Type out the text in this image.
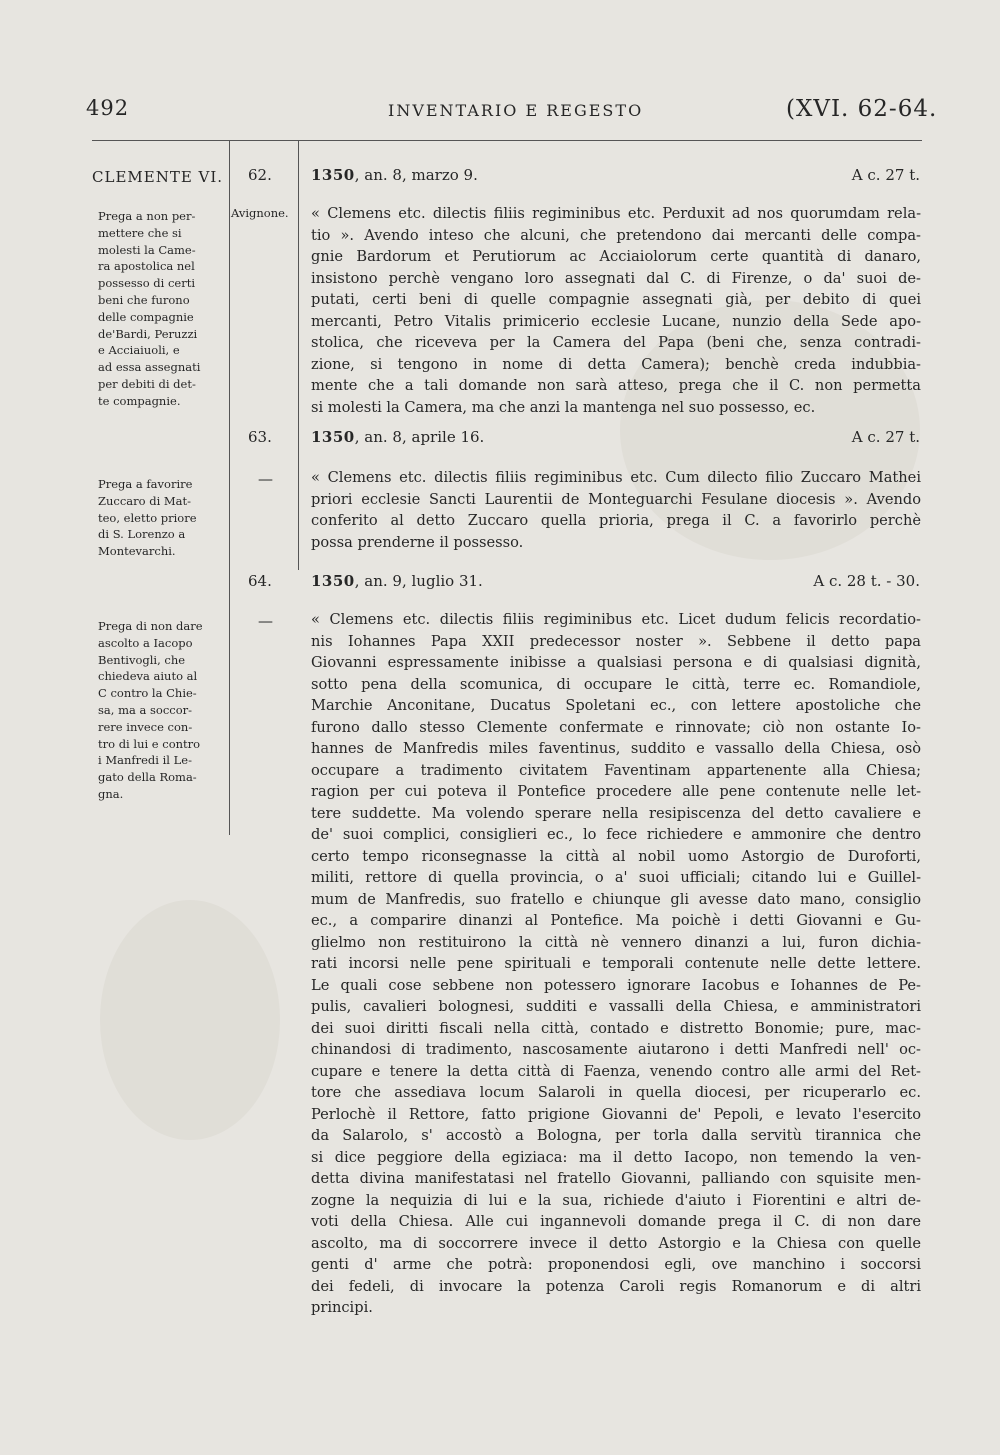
492	INVENTARIO E REGESTO	(XVI. 62-64.
CLEMENTE VI.
Avignone.
62.	1350, an. 8, marzo 9.	A c. 27 t.
Prega a non per-
mettere che si
molesti la Came-
ra apostolica nel
possesso di certi
beni che furono
delle compagnie
de'Bardi, Peruzzi
e Acciaiuoli, e
ad essa assegnati
per debiti di det-
te compagnie.
« Clemens etc. dilectis filiis regiminibus etc. Perduxit ad nos quorumdam rela-
tio ». Avendo inteso che alcuni, che pretendono dai mercanti delle compa-
gnie Bardorum et Perutiorum ac Acciaiolorum certe quantità di danaro,
insistono perchè vengano loro assegnati dal C. di Firenze, o da' suoi de-
putati, certi beni di quelle compagnie assegnati già, per debito di quei
mercanti, Petro Vitalis primicerio ecclesie Lucane, nunzio della Sede apo-
stolica, che riceveva per la Camera del Papa (beni che, senza contradi-
zione, si tengono in nome di detta Camera); benchè creda indubbia-
mente che a tali domande non sarà atteso, prega che il C. non permetta
si molesti la Camera, ma che anzi la mantenga nel suo possesso, ec.
63.	1350, an. 8, aprile 16.	A c. 27 t.
—
Prega a favorire
Zuccaro di Mat-
teo, eletto priore
di S. Lorenzo a
Montevarchi.
« Clemens etc. dilectis filiis regiminibus etc. Cum dilecto filio Zuccaro Mathei
priori ecclesie Sancti Laurentii de Monteguarchi Fesulane diocesis ». Avendo
conferito al detto Zuccaro quella prioria, prega il C. a favorirlo perchè
possa prenderne il possesso.
64.	1350, an. 9, luglio 31.	A c. 28 t. - 30.
—
Prega di non dare
ascolto a Iacopo
Bentivogli, che
chiedeva aiuto al
C contro la Chie-
sa, ma a soccor-
rere invece con-
tro di lui e contro
i Manfredi il Le-
gato della Roma-
gna.
« Clemens etc. dilectis filiis regiminibus etc. Licet dudum felicis recordatio-
nis Iohannes Papa XXII predecessor noster ». Sebbene il detto papa
Giovanni espressamente inibisse a qualsiasi persona e di qualsiasi dignità,
sotto pena della scomunica, di occupare le città, terre ec. Romandiole,
Marchie Anconitane, Ducatus Spoletani ec., con lettere apostoliche che
furono dallo stesso Clemente confermate e rinnovate; ciò non ostante Io-
hannes de Manfredis miles faventinus, suddito e vassallo della Chiesa, osò
occupare a tradimento civitatem Faventinam appartenente alla Chiesa;
ragion per cui poteva il Pontefice procedere alle pene contenute nelle let-
tere suddette. Ma volendo sperare nella resipiscenza del detto cavaliere e
de' suoi complici, consiglieri ec., lo fece richiedere e ammonire che dentro
certo tempo riconsegnasse la città al nobil uomo Astorgio de Duroforti,
militi, rettore di quella provincia, o a' suoi ufficiali; citando lui e Guillel-
mum de Manfredis, suo fratello e chiunque gli avesse dato mano, consiglio
ec., a comparire dinanzi al Pontefice. Ma poichè i detti Giovanni e Gu-
glielmo non restituirono la città nè vennero dinanzi a lui, furon dichia-
rati incorsi nelle pene spirituali e temporali contenute nelle dette lettere.
Le quali cose sebbene non potessero ignorare Iacobus e Iohannes de Pe-
pulis, cavalieri bolognesi, sudditi e vassalli della Chiesa, e amministratori
dei suoi diritti fiscali nella città, contado e distretto Bonomie; pure, mac-
chinandosi di tradimento, nascosamente aiutarono i detti Manfredi nell' oc-
cupare e tenere la detta città di Faenza, venendo contro alle armi del Ret-
tore che assediava locum Salaroli in quella diocesi, per ricuperarlo ec.
Perlochè il Rettore, fatto prigione Giovanni de' Pepoli, e levato l'esercito
da Salarolo, s' accostò a Bologna, per torla dalla servitù tirannica che
si dice peggiore della egiziaca: ma il detto Iacopo, non temendo la ven-
detta divina manifestatasi nel fratello Giovanni, palliando con squisite men-
zogne la nequizia di lui e la sua, richiede d'aiuto i Fiorentini e altri de-
voti della Chiesa. Alle cui ingannevoli domande prega il C. di non dare
ascolto, ma di soccorrere invece il detto Astorgio e la Chiesa con quelle
genti d' arme che potrà: proponendosi egli, ove manchino i soccorsi
dei fedeli, di invocare la potenza Caroli regis Romanorum e di altri
principi.
